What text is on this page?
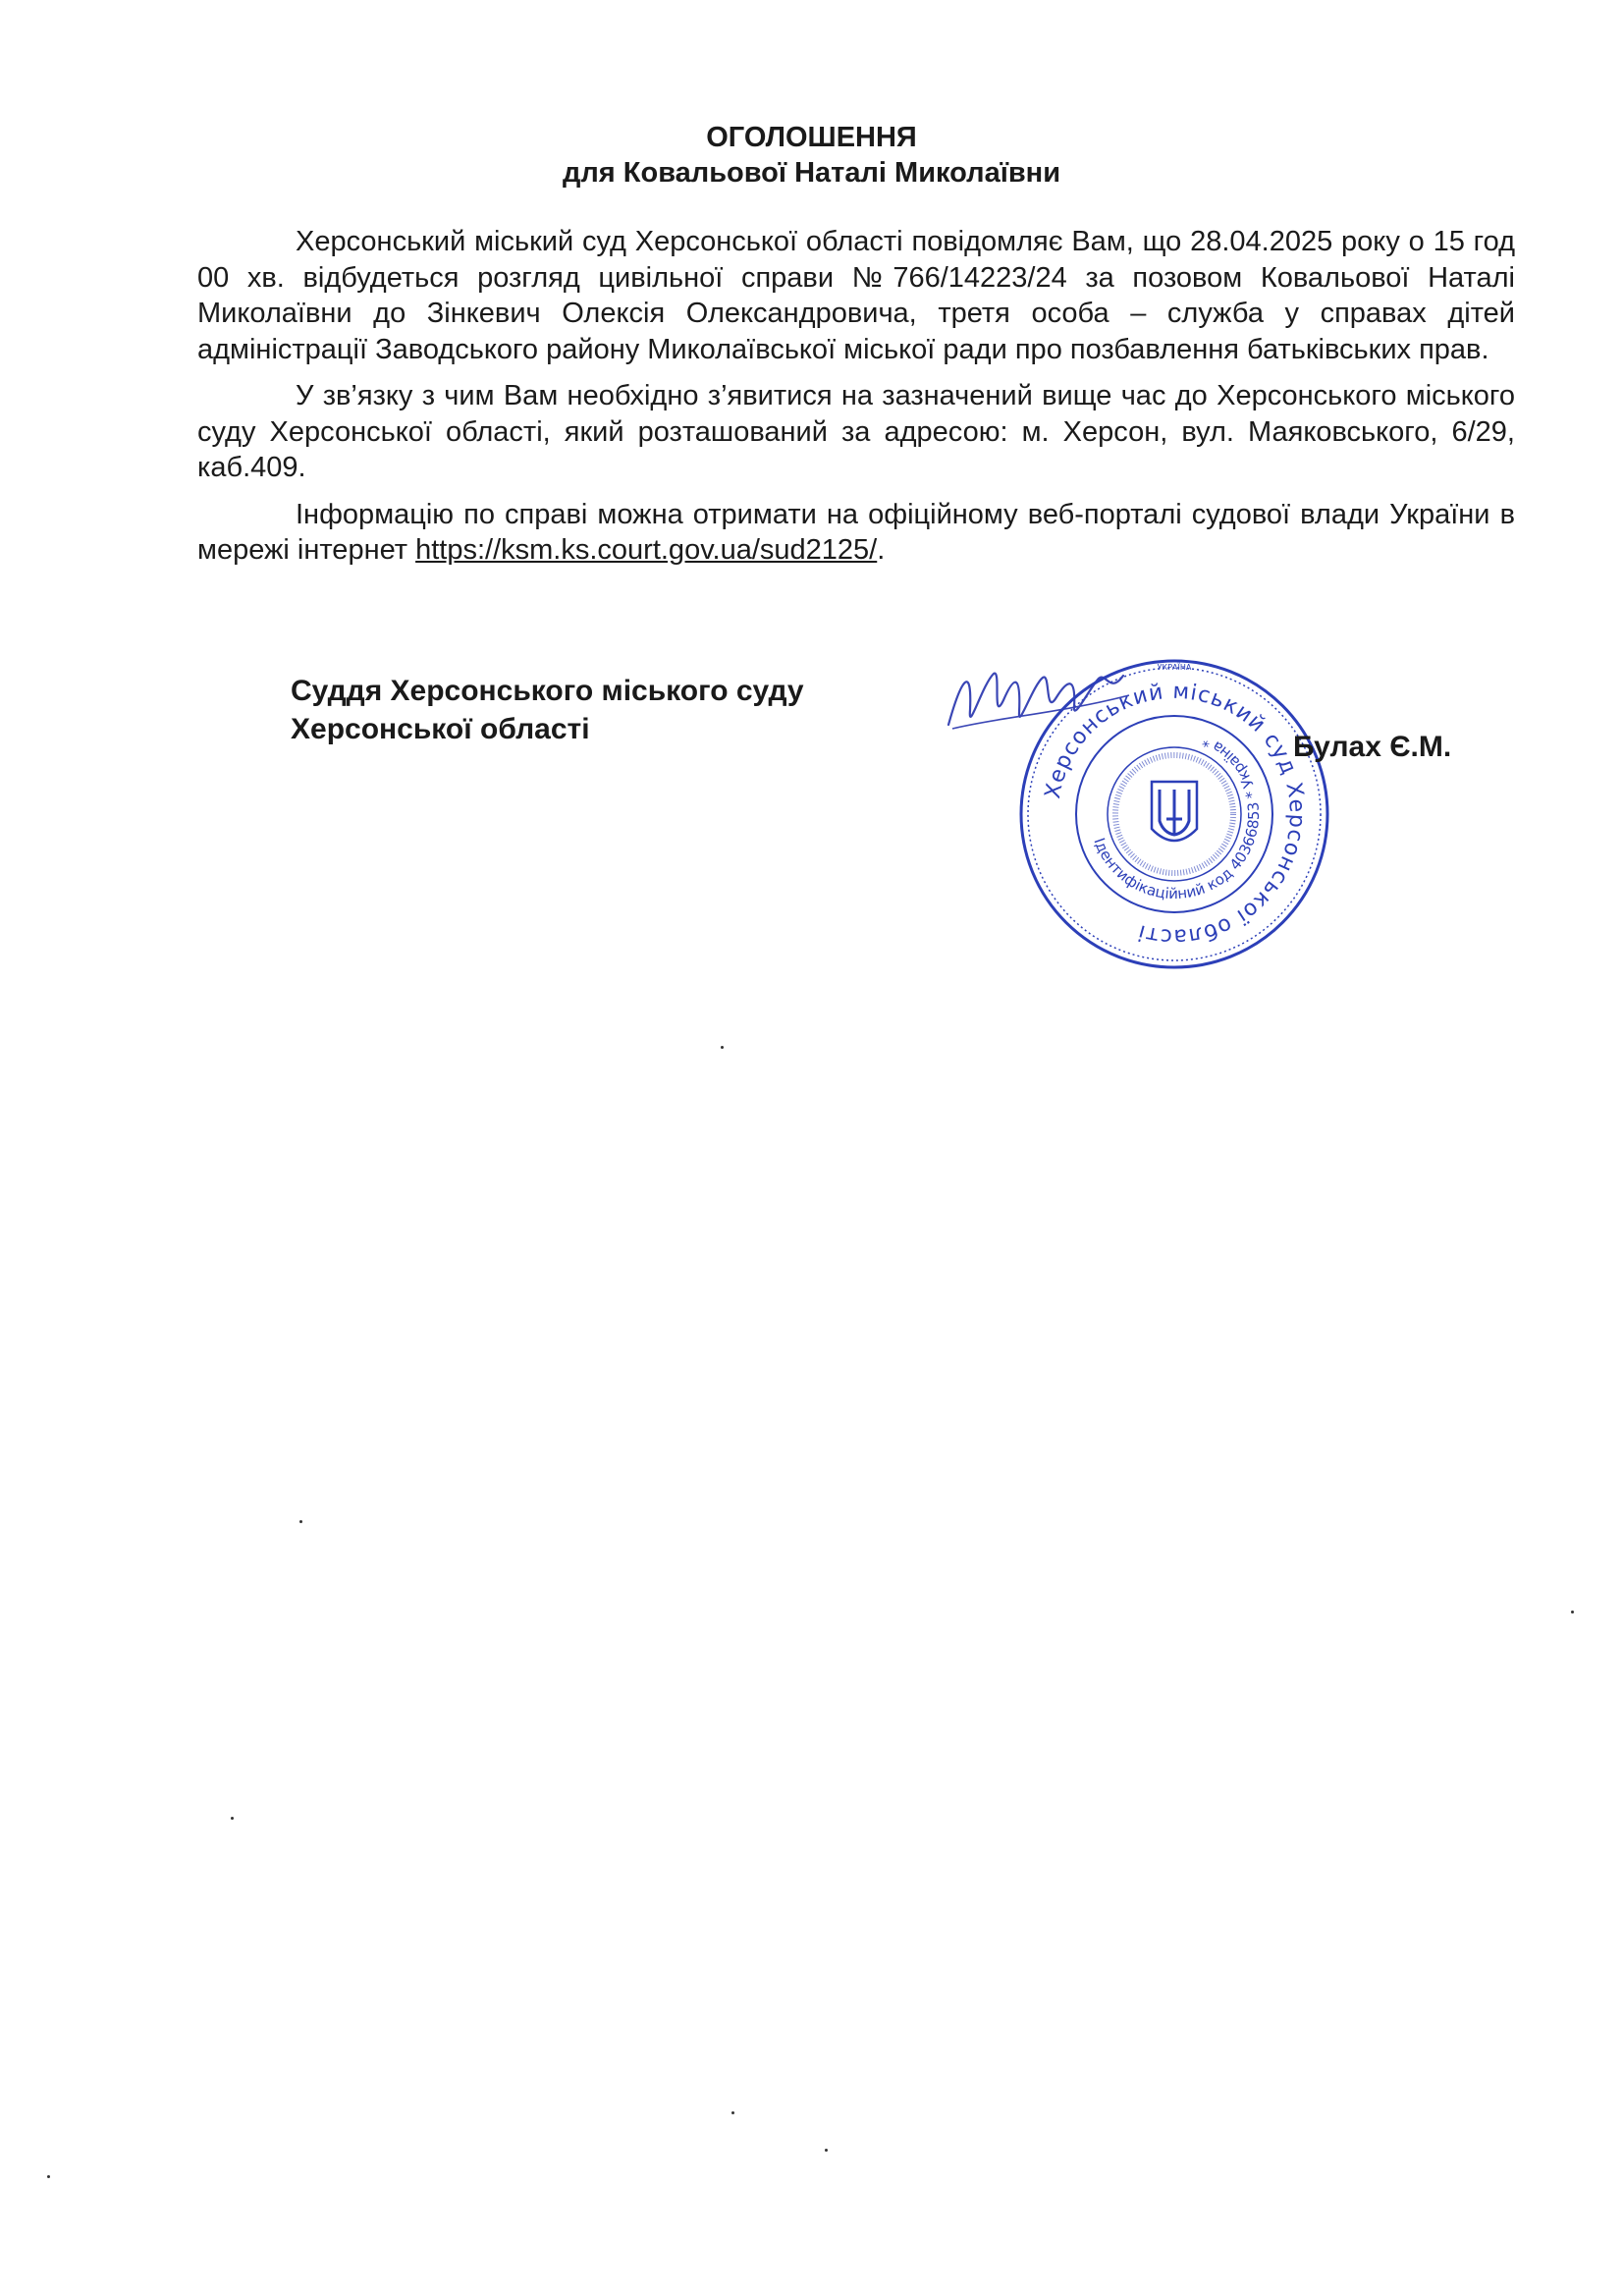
ОГОЛОШЕННЯ
для Ковальової Наталі Миколаївни

Херсонський міський суд Херсонської області повідомляє Вам, що 28.04.2025 року о 15 год 00 хв. відбудеться розгляд цивільної справи №766/14223/24 за позовом Ковальової Наталі Миколаївни до Зінкевич Олексія Олександровича, третя особа – служба у справах дітей адміністрації Заводського району Миколаївської міської ради про позбавлення батьківських прав.

У зв’язку з чим Вам необхідно з’явитися на зазначений вище час до Херсонського міського суду Херсонської області, який розташований за адресою: м. Херсон, вул. Маяковського, 6/29, каб.409.

Інформацію по справі можна отримати на офіційному веб-порталі судової влади України в мережі інтернет https://ksm.ks.court.gov.ua/sud2125/.

Суддя Херсонського міського суду
Херсонської області
Херсонський міський суд Херсонської області
Ідентифікаційний код 40366853 * Україна *
УКРАЇНА
Булах Є.М.
